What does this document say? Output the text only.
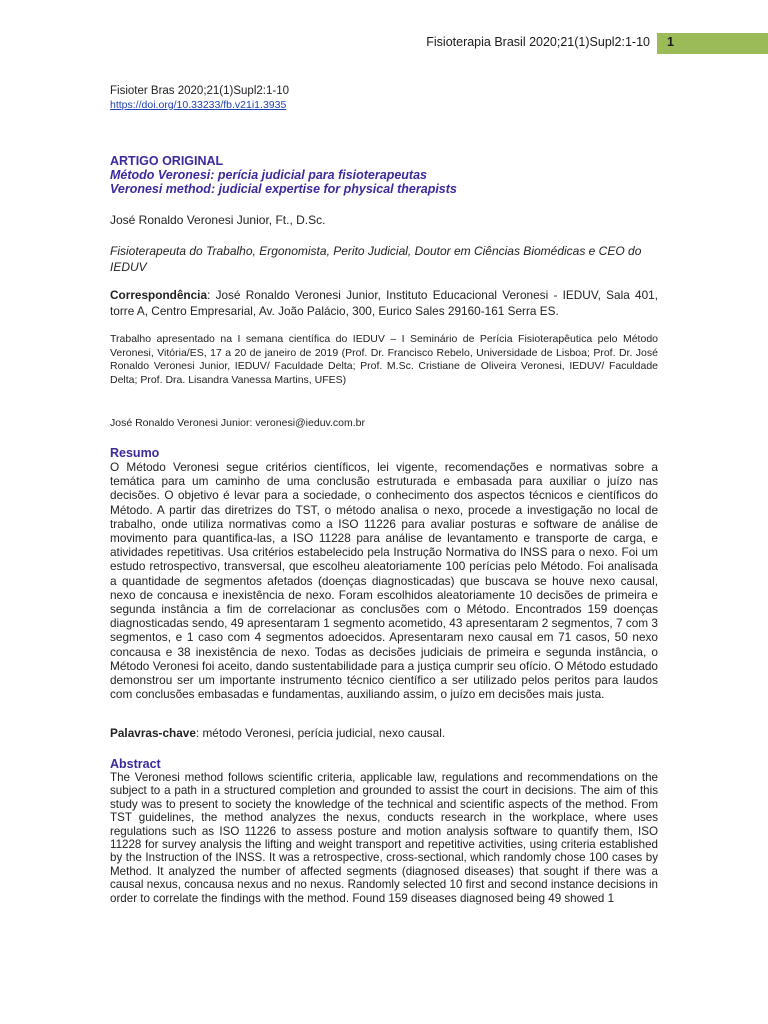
Fisioterapia Brasil 2020;21(1)Supl2:1-10	1
Fisioter Bras 2020;21(1)Supl2:1-10
https://doi.org/10.33233/fb.v21i1.3935
ARTIGO ORIGINAL
Método Veronesi: perícia judicial para fisioterapeutas
Veronesi method: judicial expertise for physical therapists
José Ronaldo Veronesi Junior, Ft., D.Sc.
Fisioterapeuta do Trabalho, Ergonomista, Perito Judicial, Doutor em Ciências Biomédicas e CEO do IEDUV
Correspondência: José Ronaldo Veronesi Junior, Instituto Educacional Veronesi - IEDUV, Sala 401, torre A, Centro Empresarial, Av. João Palácio, 300, Eurico Sales 29160-161 Serra ES.
Trabalho apresentado na I semana científica do IEDUV – I Seminário de Perícia Fisioterapêutica pelo Método Veronesi, Vitória/ES, 17 a 20 de janeiro de 2019 (Prof. Dr. Francisco Rebelo, Universidade de Lisboa; Prof. Dr. José Ronaldo Veronesi Junior, IEDUV/ Faculdade Delta; Prof. M.Sc. Cristiane de Oliveira Veronesi, IEDUV/ Faculdade Delta; Prof. Dra. Lisandra Vanessa Martins, UFES)
José Ronaldo Veronesi Junior: veronesi@ieduv.com.br
Resumo
O Método Veronesi segue critérios científicos, lei vigente, recomendações e normativas sobre a temática para um caminho de uma conclusão estruturada e embasada para auxiliar o juízo nas decisões. O objetivo é levar para a sociedade, o conhecimento dos aspectos técnicos e científicos do Método. A partir das diretrizes do TST, o método analisa o nexo, procede a investigação no local de trabalho, onde utiliza normativas como a ISO 11226 para avaliar posturas e software de análise de movimento para quantifica-las, a ISO 11228 para análise de levantamento e transporte de carga, e atividades repetitivas. Usa critérios estabelecido pela Instrução Normativa do INSS para o nexo. Foi um estudo retrospectivo, transversal, que escolheu aleatoriamente 100 perícias pelo Método. Foi analisada a quantidade de segmentos afetados (doenças diagnosticadas) que buscava se houve nexo causal, nexo de concausa e inexistência de nexo. Foram escolhidos aleatoriamente 10 decisões de primeira e segunda instância a fim de correlacionar as conclusões com o Método. Encontrados 159 doenças diagnosticadas sendo, 49 apresentaram 1 segmento acometido, 43 apresentaram 2 segmentos, 7 com 3 segmentos, e 1 caso com 4 segmentos adoecidos. Apresentaram nexo causal em 71 casos, 50 nexo concausa e 38 inexistência de nexo. Todas as decisões judiciais de primeira e segunda instância, o Método Veronesi foi aceito, dando sustentabilidade para a justiça cumprir seu ofício. O Método estudado demonstrou ser um importante instrumento técnico científico a ser utilizado pelos peritos para laudos com conclusões embasadas e fundamentas, auxiliando assim, o juízo em decisões mais justa.
Palavras-chave: método Veronesi, perícia judicial, nexo causal.
Abstract
The Veronesi method follows scientific criteria, applicable law, regulations and recommendations on the subject to a path in a structured completion and grounded to assist the court in decisions. The aim of this study was to present to society the knowledge of the technical and scientific aspects of the method. From TST guidelines, the method analyzes the nexus, conducts research in the workplace, where uses regulations such as ISO 11226 to assess posture and motion analysis software to quantify them, ISO 11228 for survey analysis the lifting and weight transport and repetitive activities, using criteria established by the Instruction of the INSS. It was a retrospective, cross-sectional, which randomly chose 100 cases by Method. It analyzed the number of affected segments (diagnosed diseases) that sought if there was a causal nexus, concausa nexus and no nexus. Randomly selected 10 first and second instance decisions in order to correlate the findings with the method. Found 159 diseases diagnosed being 49 showed 1
